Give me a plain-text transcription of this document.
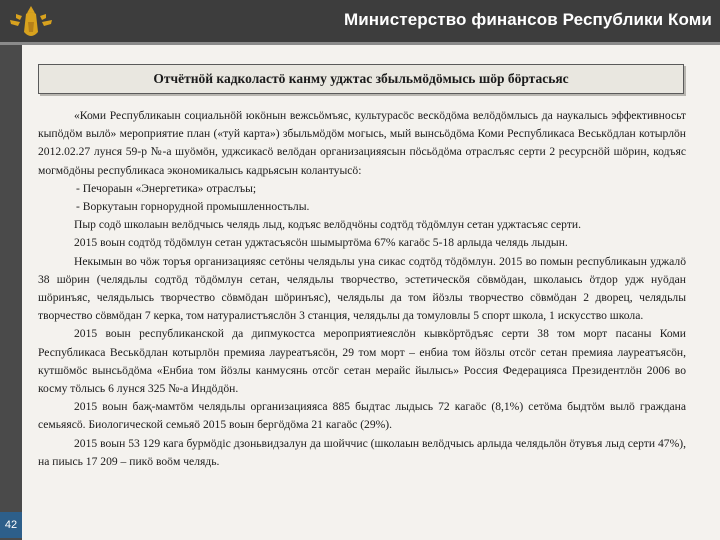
Министерство финансов Республики Коми
42
Отчётнӧй кадколастӧ канму уджтас збыльмӧдӧмысь шӧр бӧртасьяс

«Коми Республикаын социальнӧй юкӧнын вежсьӧмъяс, культурасӧс вескӧдӧма велӧдӧмлысь да наукалысь эффективносьт кыпӧдӧм вылӧ» мероприятие план («туй карта») збыльмӧдӧм могысь, мый вынсьӧдӧма Коми Республикаса Веськӧдлан котырлӧн 2012.02.27 лунся 59-р №-а шуӧмӧн, уджсикасӧ велӧдан организацияясын пӧсьӧдӧма отраслъяс серти 2 ресурснӧй шӧрин, кодъяс могмӧдӧны республикаса экономикалысь кадрьясын колантуысӧ:

- Печораын «Энергетика» отраслъы;

- Воркутаын горнорудной промышленностьлы.

Пыр содӧ школаын велӧдчысь челядь лыд, кодъяс велӧдчӧны содтӧд тӧдӧмлун сетан уджтасъяс серти.

2015 воын содтӧд тӧдӧмлун сетан уджтасъясӧн шымыртӧма 67% кагаӧс 5-18 арлыда челядь лыдын.

Некымын во чӧж торъя организацияяс сетӧны челядьлы уна сикас содтӧд тӧдӧмлун. 2015 во помын республикаын уджалӧ 38 шӧрин (челядьлы содтӧд тӧдӧмлун сетан, челядьлы творчество, эстетическӧя сӧвмӧдан, школаысь ӧтдор удж нуӧдан шӧринъяс, челядьлысь творчество сӧвмӧдан шӧринъяс), челядьлы да том йӧзлы творчество сӧвмӧдан 2 дворец, челядьлы творчество сӧвмӧдан 7 керка, том натуралистъяслӧн 3 станция, челядьлы да томуловлы 5 спорт школа, 1 искусство школа.

2015 воын республиканской да дипмукостса мероприятиеяслӧн кывкӧртӧдъяс серти 38 том морт пасаны Коми Республикаса Веськӧдлан котырлӧн премияа лауреатъясӧн, 29 том морт – енбиа том йӧзлы отсӧг сетан премияа лауреатъясӧн, кутшӧмӧс вынсьӧдӧма «Енбиа том йӧзлы канмусянь отсӧг сетан мерайс йылысь» Россия Федерацияса Президентлӧн 2006 во косму тӧлысь 6 лунся 325 №-а Индӧдӧн.

2015 воын баҗ-мамтӧм челядьлы организацияяса 885 быдтас лыдысь 72 кагаӧс (8,1%) сетӧма быдтӧм вылӧ граждана семьяясӧ. Биологической семьяӧ 2015 воын бергӧдӧма 21 кагаӧс (29%).

2015 воын 53 129 кага бурмӧдіс дзоньвидзалун да шойччис (школаын велӧдчысь арлыда челядьлӧн ӧтувъя лыд серти 47%), на пиысь 17 209 – пикӧ воӧм челядь.
